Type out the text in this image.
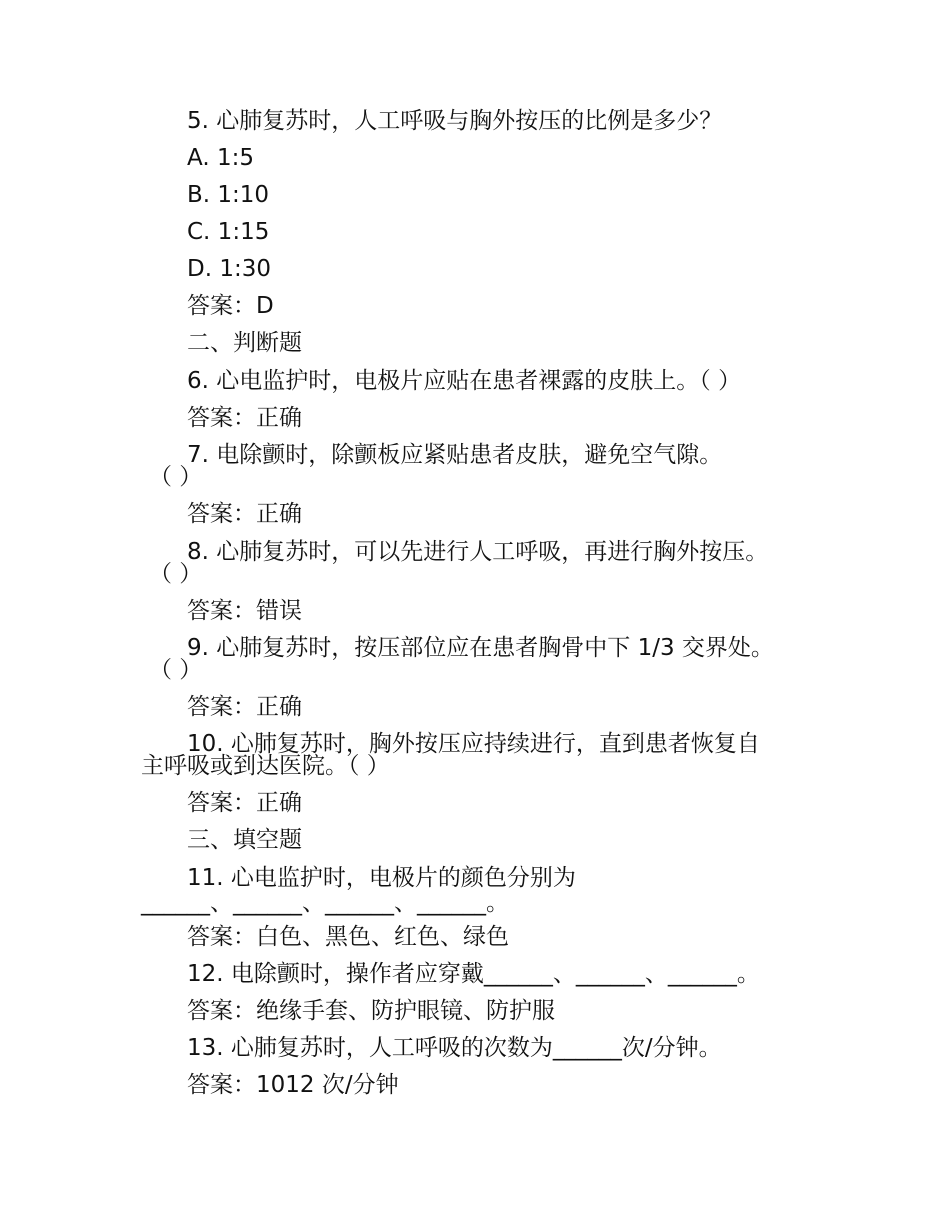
5. 心肺复苏时，人工呼吸与胸外按压的比例是多少？
A. 1:5
B. 1:10
C. 1:15
D. 1:30
答案：D
二、判断题
6. 心电监护时，电极片应贴在患者裸露的皮肤上。（ ）
答案：正确
7. 电除颤时，除颤板应紧贴患者皮肤，避免空气隙。
（ ）
答案：正确
8. 心肺复苏时，可以先进行人工呼吸，再进行胸外按压。
（ ）
答案：错误
9. 心肺复苏时，按压部位应在患者胸骨中下 1/3 交界处。
（ ）
答案：正确
10. 心肺复苏时，胸外按压应持续进行，直到患者恢复自
主呼吸或到达医院。（ ）
答案：正确
三、填空题
11. 心电监护时，电极片的颜色分别为
______、______、______、______。
答案：白色、黑色、红色、绿色
12. 电除颤时，操作者应穿戴______、______、______。
答案：绝缘手套、防护眼镜、防护服
13. 心肺复苏时，人工呼吸的次数为______次/分钟。
答案：1012 次/分钟
